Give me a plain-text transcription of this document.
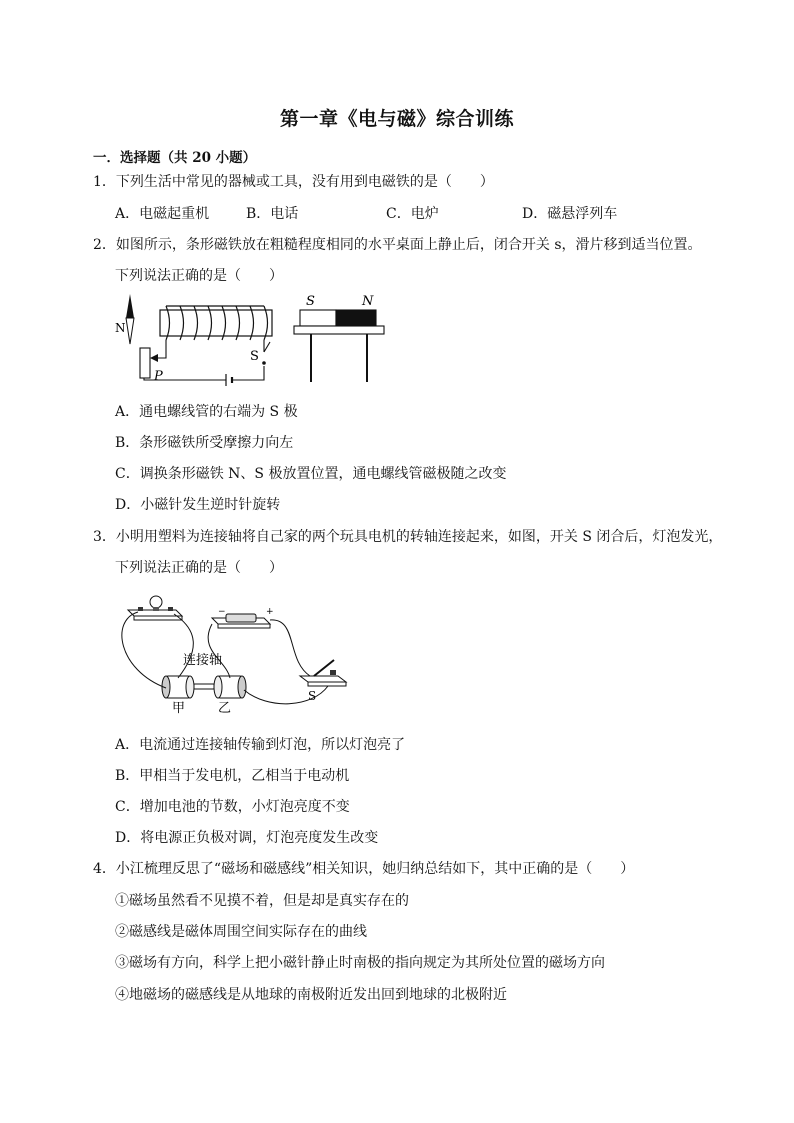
第一章《电与磁》综合训练
一．选择题（共 20 小题）
1．下列生活中常见的器械或工具，没有用到电磁铁的是（　　）
A．电磁起重机	B．电话	C．电炉	D．磁悬浮列车
2．如图所示，条形磁铁放在粗糙程度相同的水平桌面上静止后，闭合开关 s，滑片移到适当位置。
下列说法正确的是（　　）
N
P
S
S	N
A．通电螺线管的右端为 S 极
B．条形磁铁所受摩擦力向左
C．调换条形磁铁 N、S 极放置位置，通电螺线管磁极随之改变
D．小磁针发生逆时针旋转
3．小明用塑料为连接轴将自己家的两个玩具电机的转轴连接起来，如图，开关 S 闭合后，灯泡发光，
下列说法正确的是（　　）
−	+
S
连接轴
甲	乙
A．电流通过连接轴传输到灯泡，所以灯泡亮了
B．甲相当于发电机，乙相当于电动机
C．增加电池的节数，小灯泡亮度不变
D．将电源正负极对调，灯泡亮度发生改变
4．小江梳理反思了“磁场和磁感线”相关知识，她归纳总结如下，其中正确的是（　　）
①磁场虽然看不见摸不着，但是却是真实存在的
②磁感线是磁体周围空间实际存在的曲线
③磁场有方向，科学上把小磁针静止时南极的指向规定为其所处位置的磁场方向
④地磁场的磁感线是从地球的南极附近发出回到地球的北极附近
